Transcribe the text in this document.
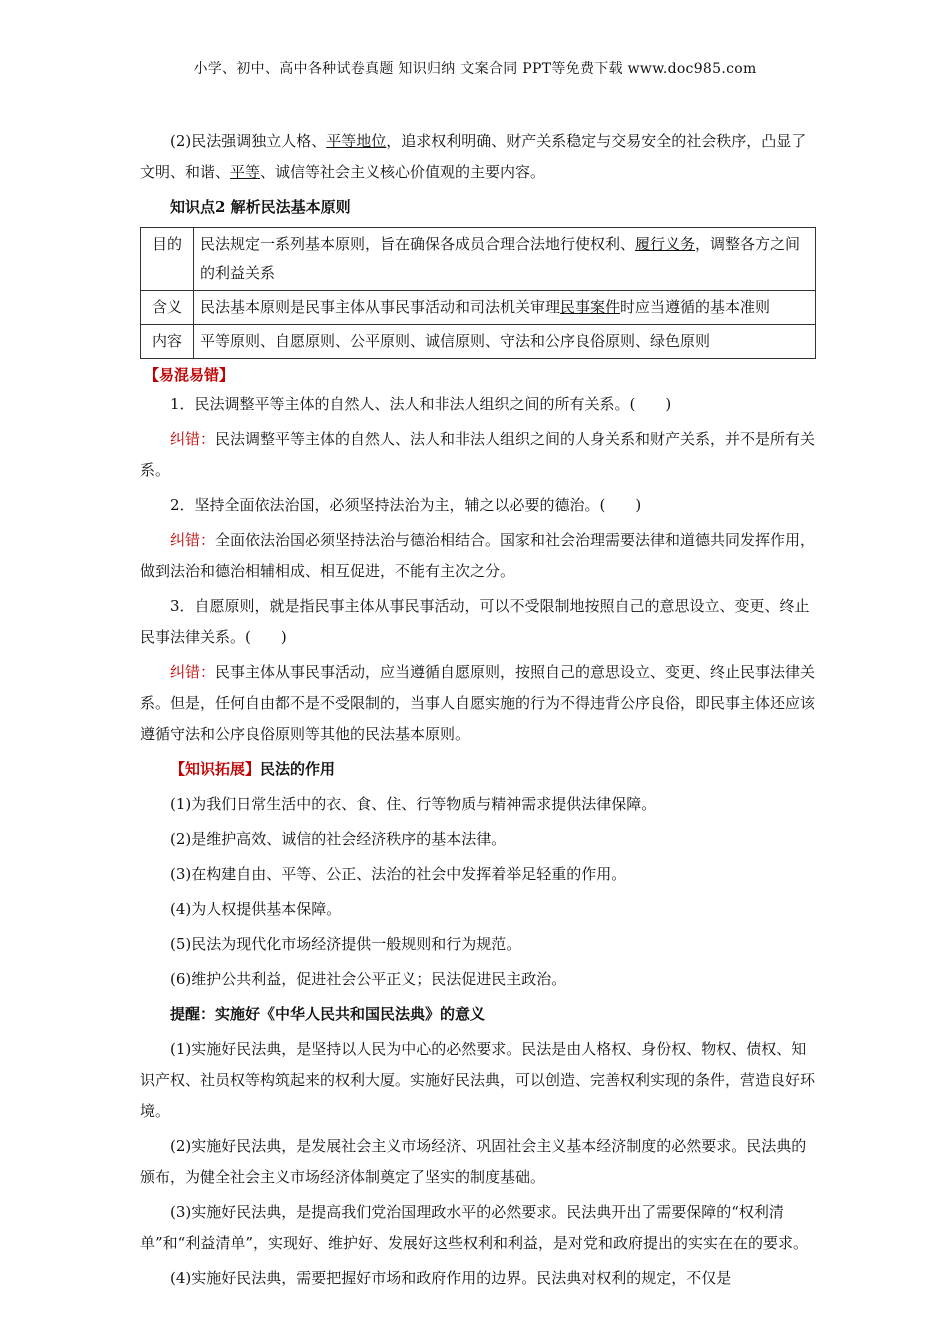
小学、初中、高中各种试卷真题 知识归纳 文案合同 PPT等免费下载 www.doc985.com

(2)民法强调独立人格、平等地位，追求权利明确、财产关系稳定与交易安全的社会秩序，凸显了文明、和谐、平等、诚信等社会主义核心价值观的主要内容。

知识点2 解析民法基本原则

目的	民法规定一系列基本原则，旨在确保各成员合理合法地行使权利、履行义务，调整各方之间的利益关系
含义	民法基本原则是民事主体从事民事活动和司法机关审理民事案件时应当遵循的基本准则
内容	平等原则、自愿原则、公平原则、诚信原则、守法和公序良俗原则、绿色原则

【易混易错】

1．民法调整平等主体的自然人、法人和非法人组织之间的所有关系。(　　)

纠错：民法调整平等主体的自然人、法人和非法人组织之间的人身关系和财产关系，并不是所有关系。

2．坚持全面依法治国，必须坚持法治为主，辅之以必要的德治。(　　)

纠错：全面依法治国必须坚持法治与德治相结合。国家和社会治理需要法律和道德共同发挥作用，做到法治和德治相辅相成、相互促进，不能有主次之分。

3．自愿原则，就是指民事主体从事民事活动，可以不受限制地按照自己的意思设立、变更、终止民事法律关系。(　　)

纠错：民事主体从事民事活动，应当遵循自愿原则，按照自己的意思设立、变更、终止民事法律关系。但是，任何自由都不是不受限制的，当事人自愿实施的行为不得违背公序良俗，即民事主体还应该遵循守法和公序良俗原则等其他的民法基本原则。

【知识拓展】民法的作用

(1)为我们日常生活中的衣、食、住、行等物质与精神需求提供法律保障。

(2)是维护高效、诚信的社会经济秩序的基本法律。

(3)在构建自由、平等、公正、法治的社会中发挥着举足轻重的作用。

(4)为人权提供基本保障。

(5)民法为现代化市场经济提供一般规则和行为规范。

(6)维护公共利益，促进社会公平正义；民法促进民主政治。

提醒：实施好《中华人民共和国民法典》的意义

(1)实施好民法典，是坚持以人民为中心的必然要求。民法是由人格权、身份权、物权、债权、知识产权、社员权等构筑起来的权利大厦。实施好民法典，可以创造、完善权利实现的条件，营造良好环境。

(2)实施好民法典，是发展社会主义市场经济、巩固社会主义基本经济制度的必然要求。民法典的颁布，为健全社会主义市场经济体制奠定了坚实的制度基础。

(3)实施好民法典，是提高我们党治国理政水平的必然要求。民法典开出了需要保障的“权利清单”和“利益清单”，实现好、维护好、发展好这些权利和利益，是对党和政府提出的实实在在的要求。

(4)实施好民法典，需要把握好市场和政府作用的边界。民法典对权利的规定，不仅是
